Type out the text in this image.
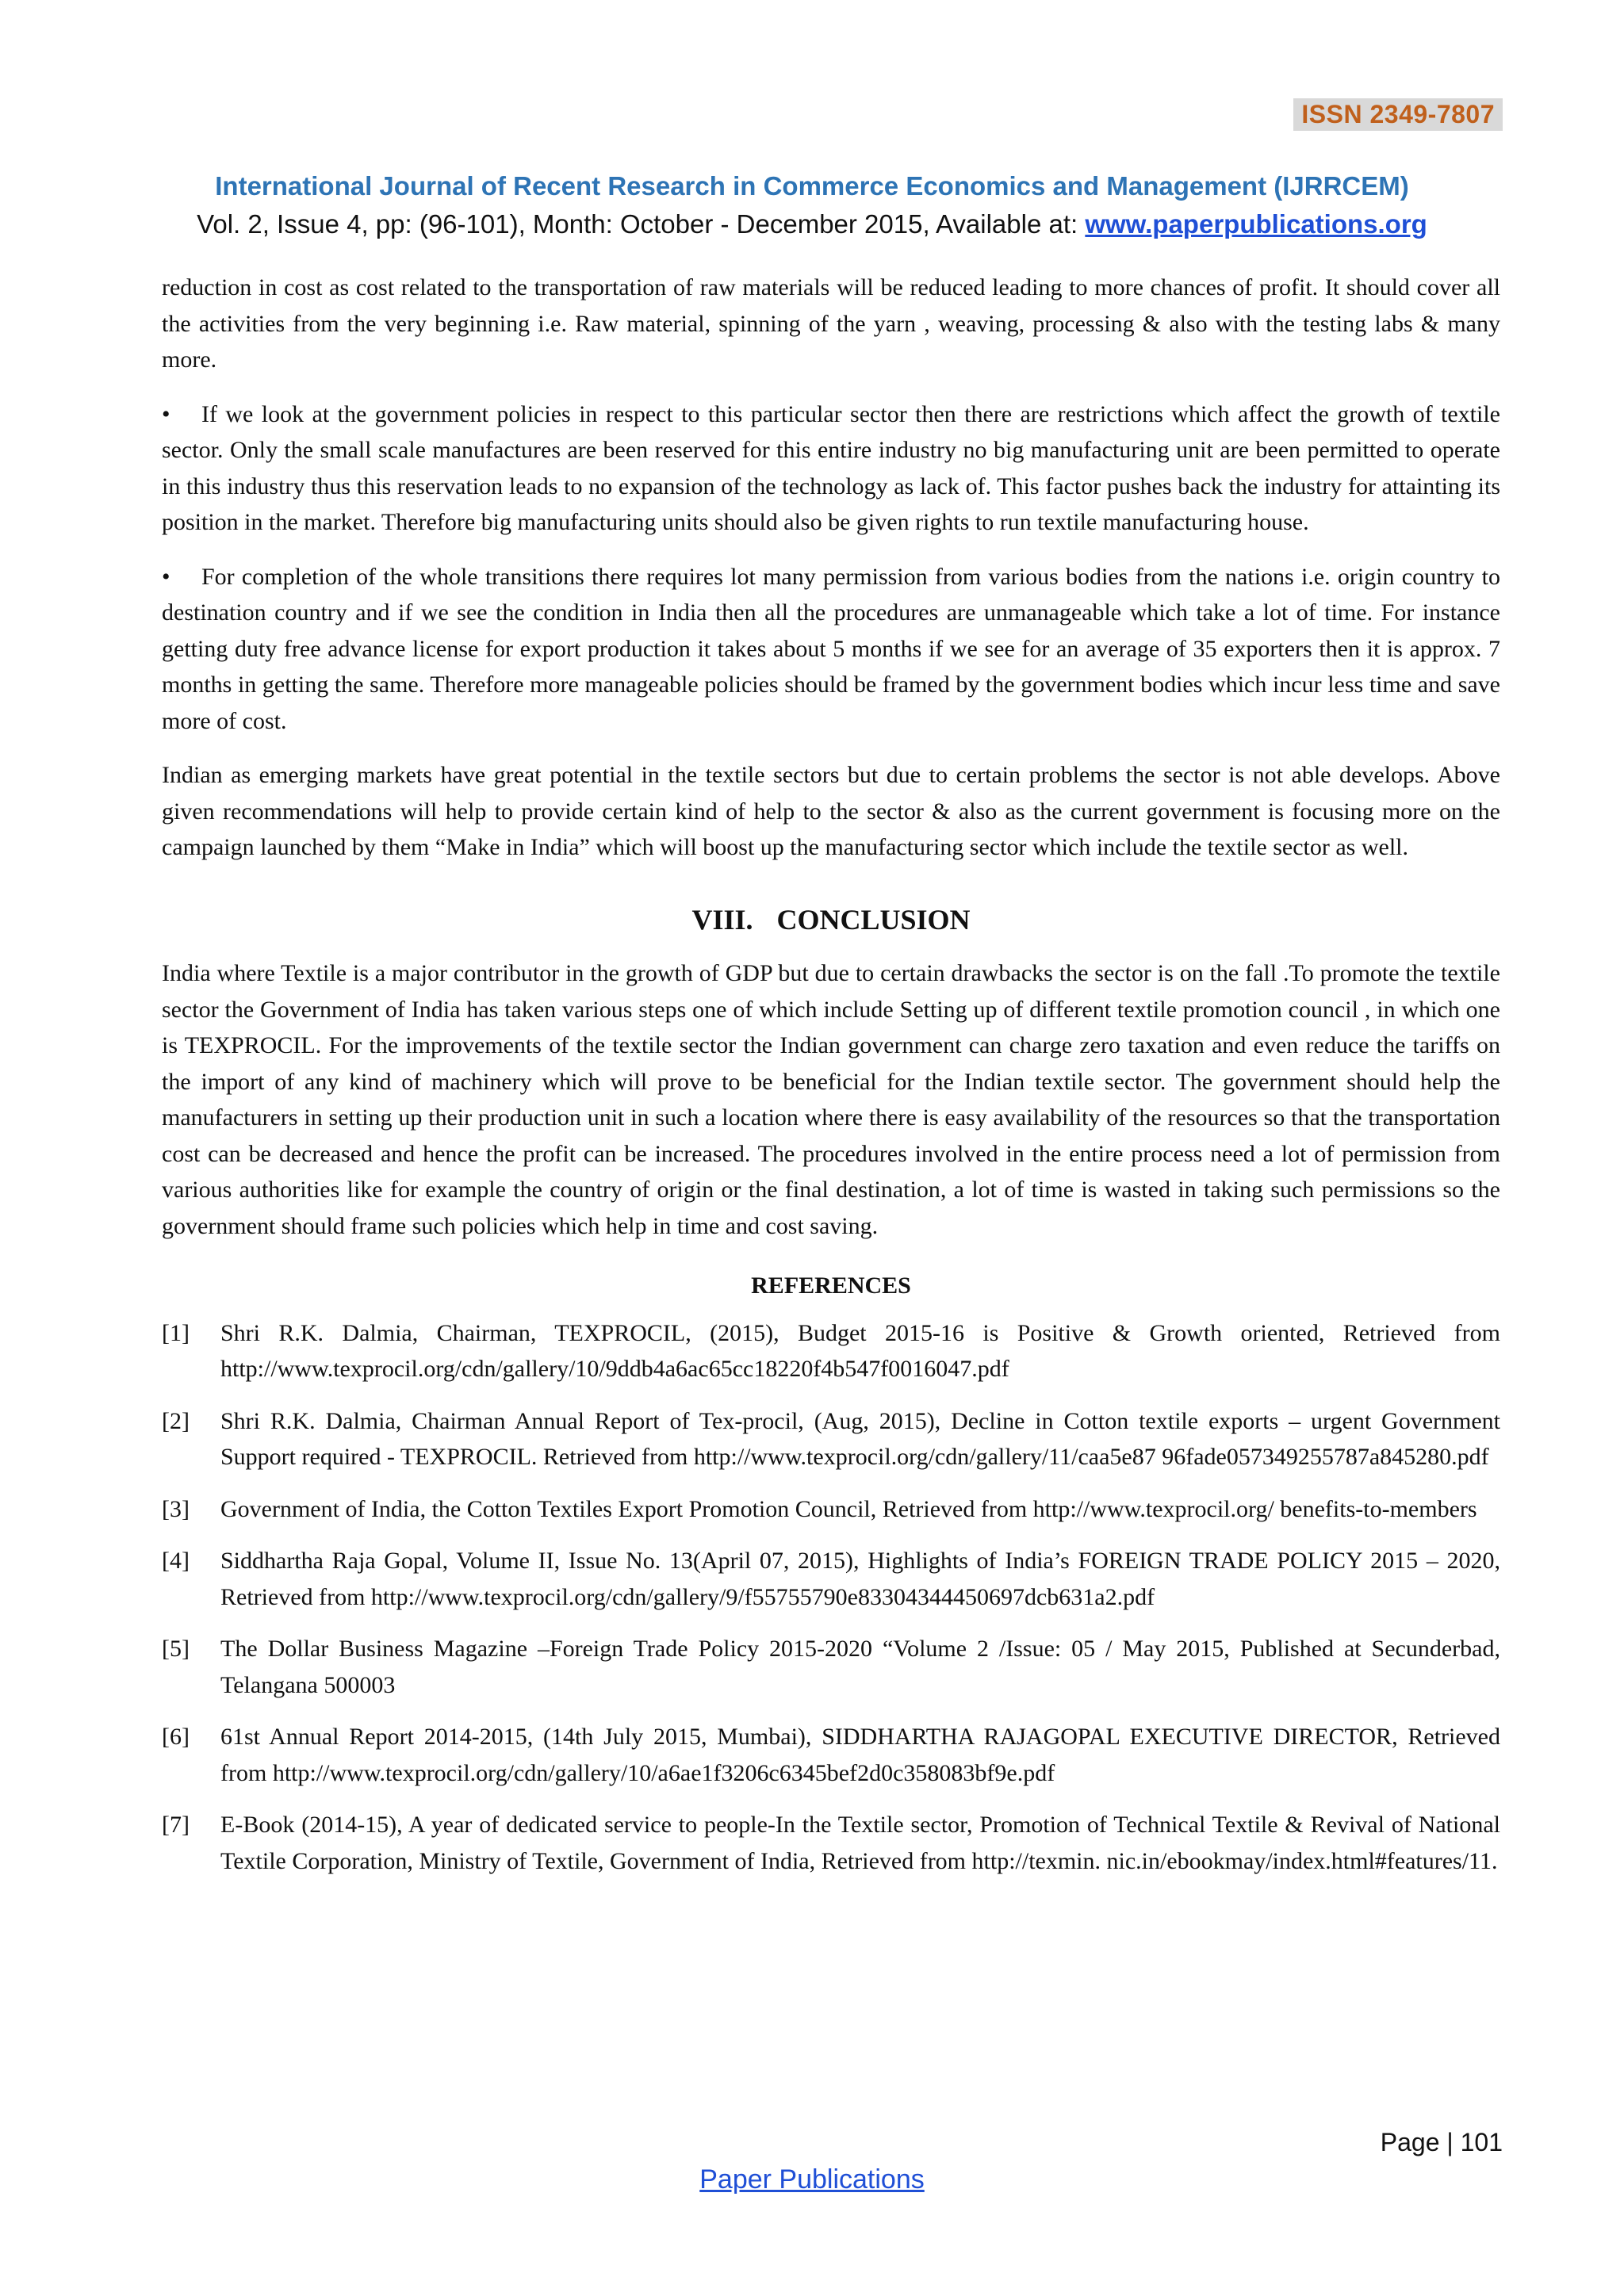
ISSN 2349-7807
International Journal of Recent Research in Commerce Economics and Management (IJRRCEM)
Vol. 2, Issue 4, pp: (96-101), Month: October - December 2015, Available at: www.paperpublications.org

reduction in cost as cost related to the transportation of raw materials will be reduced leading to more chances of profit. It should cover all the activities from the very beginning i.e. Raw material, spinning of the yarn , weaving, processing & also with the testing labs & many more.

• If we look at the government policies in respect to this particular sector then there are restrictions which affect the growth of textile sector. Only the small scale manufactures are been reserved for this entire industry no big manufacturing unit are been permitted to operate in this industry thus this reservation leads to no expansion of the technology as lack of. This factor pushes back the industry for attainting its position in the market. Therefore big manufacturing units should also be given rights to run textile manufacturing house.

• For completion of the whole transitions there requires lot many permission from various bodies from the nations i.e. origin country to destination country and if we see the condition in India then all the procedures are unmanageable which take a lot of time. For instance getting duty free advance license for export production it takes about 5 months if we see for an average of 35 exporters then it is approx. 7 months in getting the same. Therefore more manageable policies should be framed by the government bodies which incur less time and save more of cost.

Indian as emerging markets have great potential in the textile sectors but due to certain problems the sector is not able develops. Above given recommendations will help to provide certain kind of help to the sector & also as the current government is focusing more on the campaign launched by them “Make in India” which will boost up the manufacturing sector which include the textile sector as well.

VIII. CONCLUSION

India where Textile is a major contributor in the growth of GDP but due to certain drawbacks the sector is on the fall .To promote the textile sector the Government of India has taken various steps one of which include Setting up of different textile promotion council , in which one is TEXPROCIL. For the improvements of the textile sector the Indian government can charge zero taxation and even reduce the tariffs on the import of any kind of machinery which will prove to be beneficial for the Indian textile sector. The government should help the manufacturers in setting up their production unit in such a location where there is easy availability of the resources so that the transportation cost can be decreased and hence the profit can be increased. The procedures involved in the entire process need a lot of permission from various authorities like for example the country of origin or the final destination, a lot of time is wasted in taking such permissions so the government should frame such policies which help in time and cost saving.

REFERENCES
[1]	Shri R.K. Dalmia, Chairman, TEXPROCIL, (2015), Budget 2015-16 is Positive & Growth oriented, Retrieved from http://www.texprocil.org/cdn/gallery/10/9ddb4a6ac65cc18220f4b547f0016047.pdf
[2]	Shri R.K. Dalmia, Chairman Annual Report of Tex-procil, (Aug, 2015), Decline in Cotton textile exports – urgent Government Support required - TEXPROCIL. Retrieved from http://www.texprocil.org/cdn/gallery/11/caa5e87 96fade057349255787a845280.pdf
[3]	Government of India, the Cotton Textiles Export Promotion Council, Retrieved from http://www.texprocil.org/ benefits-to-members
[4]	Siddhartha Raja Gopal, Volume II, Issue No. 13(April 07, 2015), Highlights of India’s FOREIGN TRADE POLICY 2015 – 2020, Retrieved from http://www.texprocil.org/cdn/gallery/9/f55755790e83304344450697dcb631a2.pdf
[5]	The Dollar Business Magazine –Foreign Trade Policy 2015-2020 “Volume 2 /Issue: 05 / May 2015, Published at Secunderbad, Telangana 500003
[6]	61st Annual Report 2014-2015, (14th July 2015, Mumbai), SIDDHARTHA RAJAGOPAL EXECUTIVE DIRECTOR, Retrieved from http://www.texprocil.org/cdn/gallery/10/a6ae1f3206c6345bef2d0c358083bf9e.pdf
[7]	E-Book (2014-15), A year of dedicated service to people-In the Textile sector, Promotion of Technical Textile & Revival of National Textile Corporation, Ministry of Textile, Government of India, Retrieved from http://texmin. nic.in/ebookmay/index.html#features/11.
Page | 101
Paper Publications
